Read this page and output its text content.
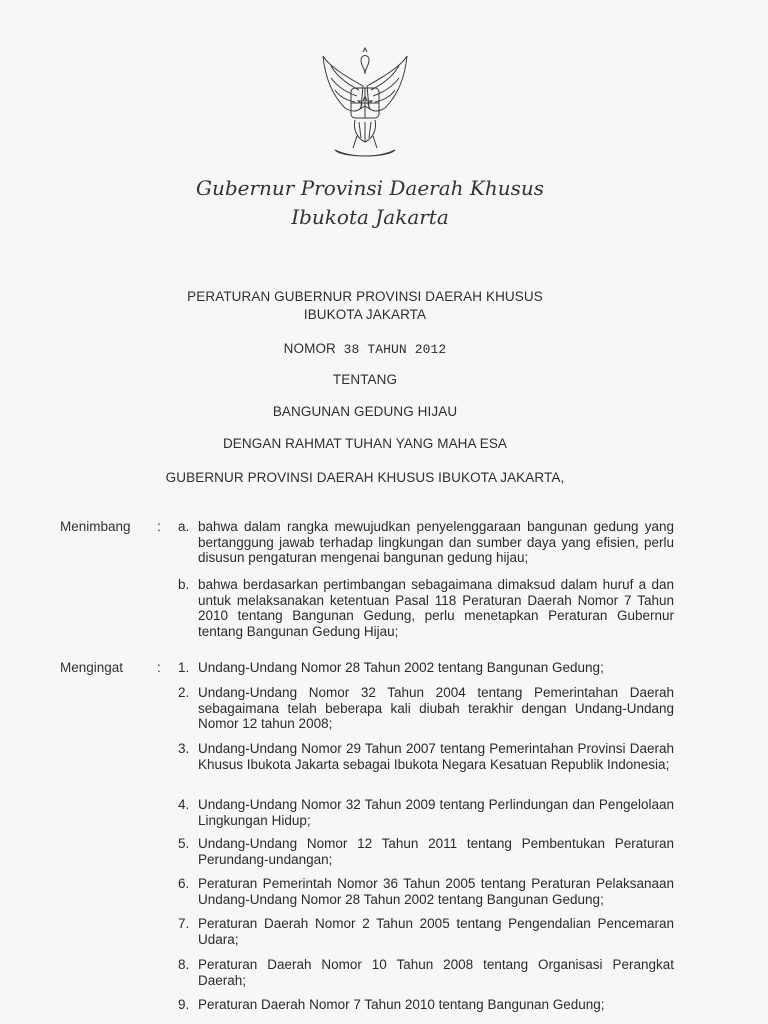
Gubernur Provinsi Daerah Khusus
Ibukota Jakarta
PERATURAN GUBERNUR PROVINSI DAERAH KHUSUS
IBUKOTA JAKARTA
NOMOR 38 TAHUN 2012
TENTANG
BANGUNAN GEDUNG HIJAU
DENGAN RAHMAT TUHAN YANG MAHA ESA
GUBERNUR PROVINSI DAERAH KHUSUS IBUKOTA JAKARTA,
Menimbang : a. bahwa dalam rangka mewujudkan penyelenggaraan bangunan gedung yang bertanggung jawab terhadap lingkungan dan sumber daya yang efisien, perlu disusun pengaturan mengenai bangunan gedung hijau;
b. bahwa berdasarkan pertimbangan sebagaimana dimaksud dalam huruf a dan untuk melaksanakan ketentuan Pasal 118 Peraturan Daerah Nomor 7 Tahun 2010 tentang Bangunan Gedung, perlu menetapkan Peraturan Gubernur tentang Bangunan Gedung Hijau;
Mengingat	: 1. Undang-Undang Nomor 28 Tahun 2002 tentang Bangunan Gedung;
2. Undang-Undang Nomor 32 Tahun 2004 tentang Pemerintahan Daerah sebagaimana telah beberapa kali diubah terakhir dengan Undang-Undang Nomor 12 tahun 2008;
3. Undang-Undang Nomor 29 Tahun 2007 tentang Pemerintahan Provinsi Daerah Khusus Ibukota Jakarta sebagai Ibukota Negara Kesatuan Republik Indonesia;
4. Undang-Undang Nomor 32 Tahun 2009 tentang Perlindungan dan Pengelolaan Lingkungan Hidup;
5. Undang-Undang Nomor 12 Tahun 2011 tentang Pembentukan Peraturan Perundang-undangan;
6. Peraturan Pemerintah Nomor 36 Tahun 2005 tentang Peraturan Pelaksanaan Undang-Undang Nomor 28 Tahun 2002 tentang Bangunan Gedung;
7. Peraturan Daerah Nomor 2 Tahun 2005 tentang Pengendalian Pencemaran Udara;
8. Peraturan Daerah Nomor 10 Tahun 2008 tentang Organisasi Perangkat Daerah;
9. Peraturan Daerah Nomor 7 Tahun 2010 tentang Bangunan Gedung;
